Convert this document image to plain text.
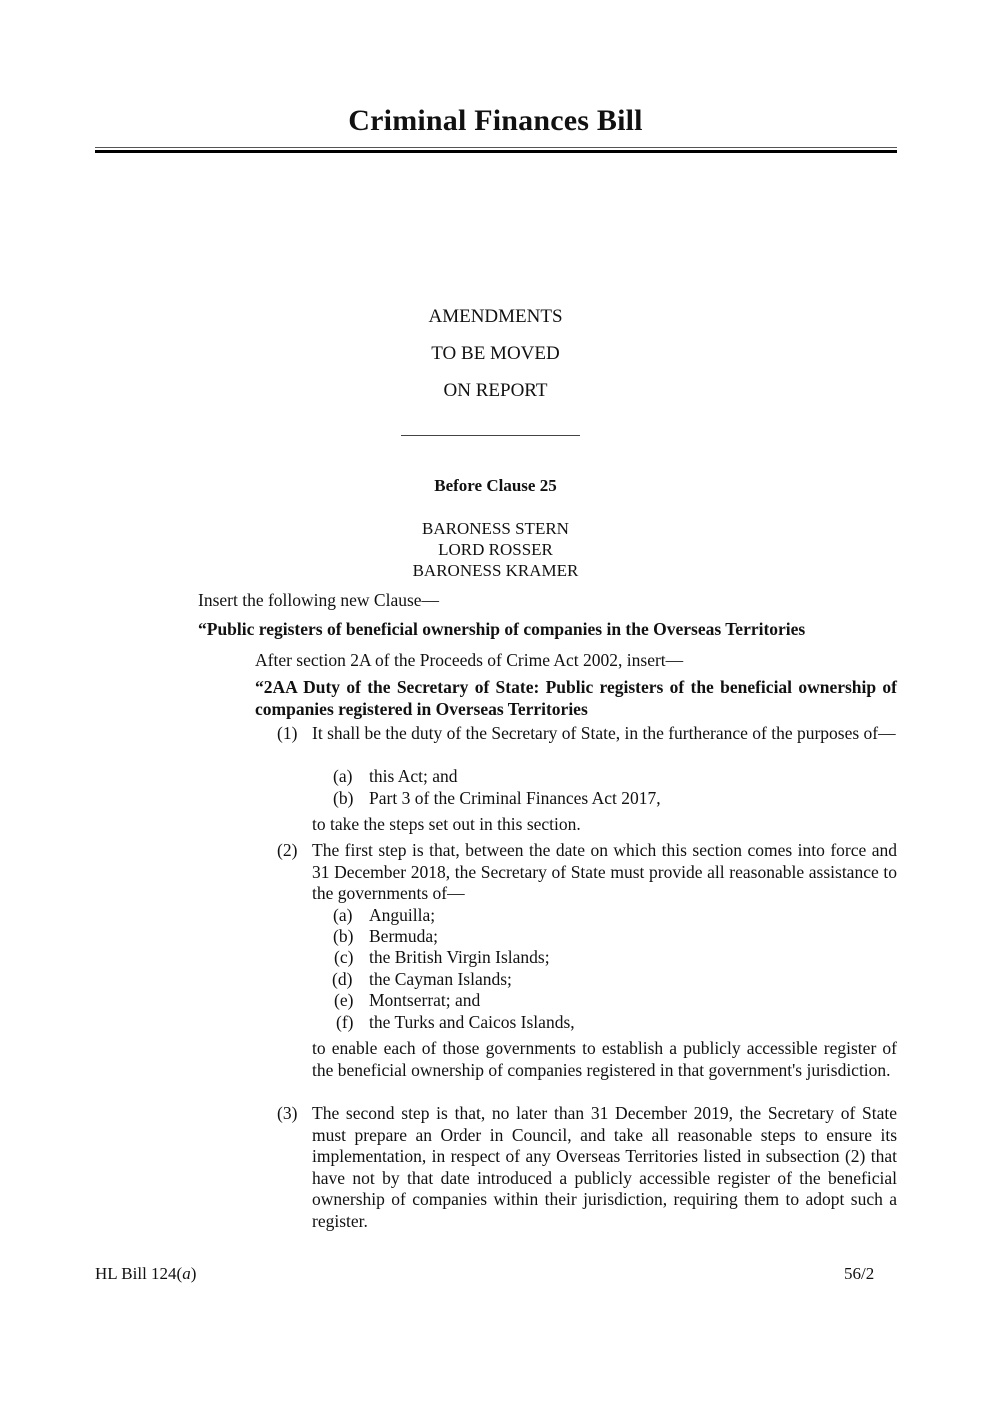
Criminal Finances Bill
AMENDMENTS
TO BE MOVED
ON REPORT
Before Clause 25
BARONESS STERN
LORD ROSSER
BARONESS KRAMER
Insert the following new Clause—
“Public registers of beneficial ownership of companies in the Overseas Territories
After section 2A of the Proceeds of Crime Act 2002, insert—
“2AA Duty of the Secretary of State: Public registers of the beneficial ownership of companies registered in Overseas Territories
(1) It shall be the duty of the Secretary of State, in the furtherance of the purposes of—
(a) this Act; and
(b) Part 3 of the Criminal Finances Act 2017,
to take the steps set out in this section.
(2) The first step is that, between the date on which this section comes into force and 31 December 2018, the Secretary of State must provide all reasonable assistance to the governments of—
(a) Anguilla;
(b) Bermuda;
(c) the British Virgin Islands;
(d) the Cayman Islands;
(e) Montserrat; and
(f) the Turks and Caicos Islands,
to enable each of those governments to establish a publicly accessible register of the beneficial ownership of companies registered in that government's jurisdiction.
(3) The second step is that, no later than 31 December 2019, the Secretary of State must prepare an Order in Council, and take all reasonable steps to ensure its implementation, in respect of any Overseas Territories listed in subsection (2) that have not by that date introduced a publicly accessible register of the beneficial ownership of companies within their jurisdiction, requiring them to adopt such a register.
HL Bill 124(a)	56/2
